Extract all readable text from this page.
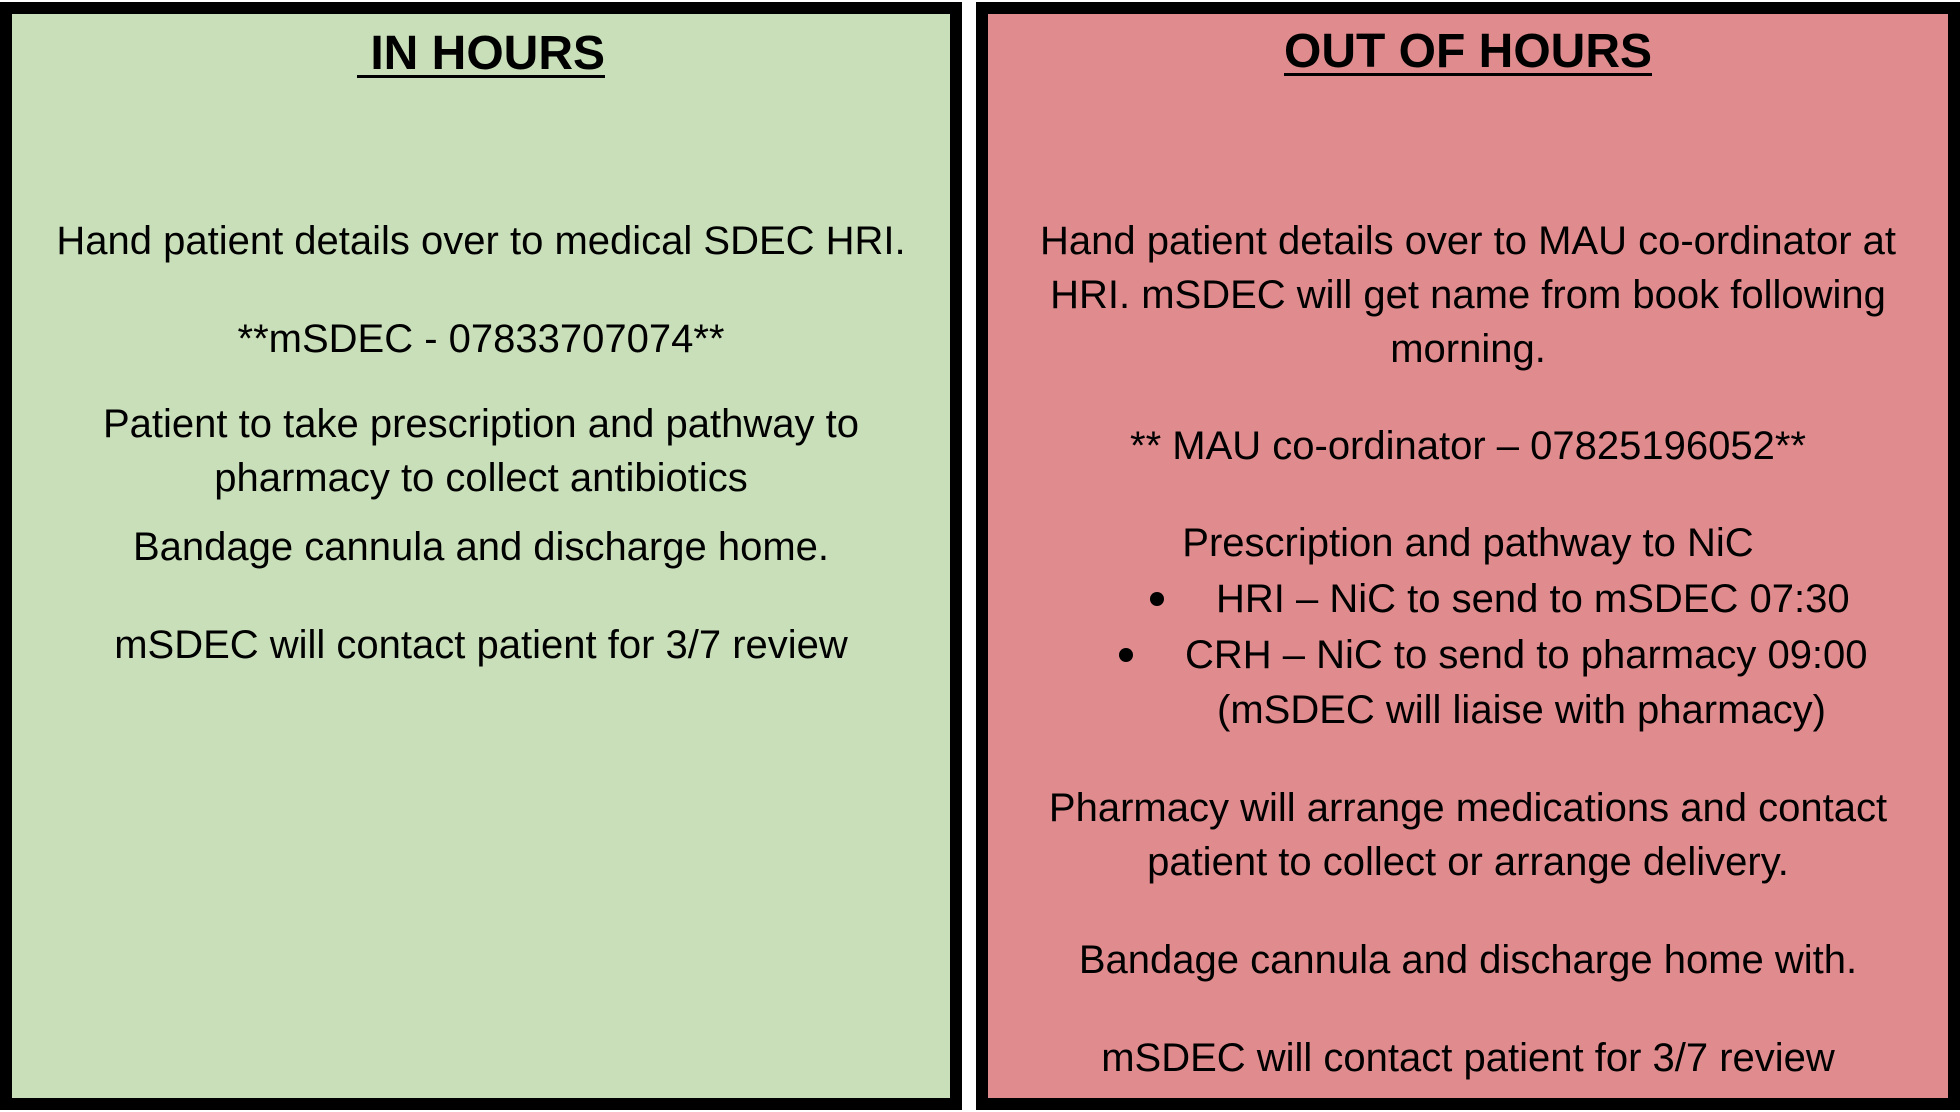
IN HOURS
Hand patient details over to medical SDEC HRI.
**mSDEC - 07833707074**
Patient to take prescription and pathway to
pharmacy to collect antibiotics
Bandage cannula and discharge home.
mSDEC will contact patient for 3/7 review
OUT OF HOURS
Hand patient details over to MAU co-ordinator at
HRI. mSDEC will get name from book following
morning.
** MAU co-ordinator – 07825196052**
Prescription and pathway to NiC
HRI – NiC to send to mSDEC 07:30
CRH – NiC to send to pharmacy 09:00
(mSDEC will liaise with pharmacy)
Pharmacy will arrange medications and contact
patient to collect or arrange delivery.
Bandage cannula and discharge home with.
mSDEC will contact patient for 3/7 review
